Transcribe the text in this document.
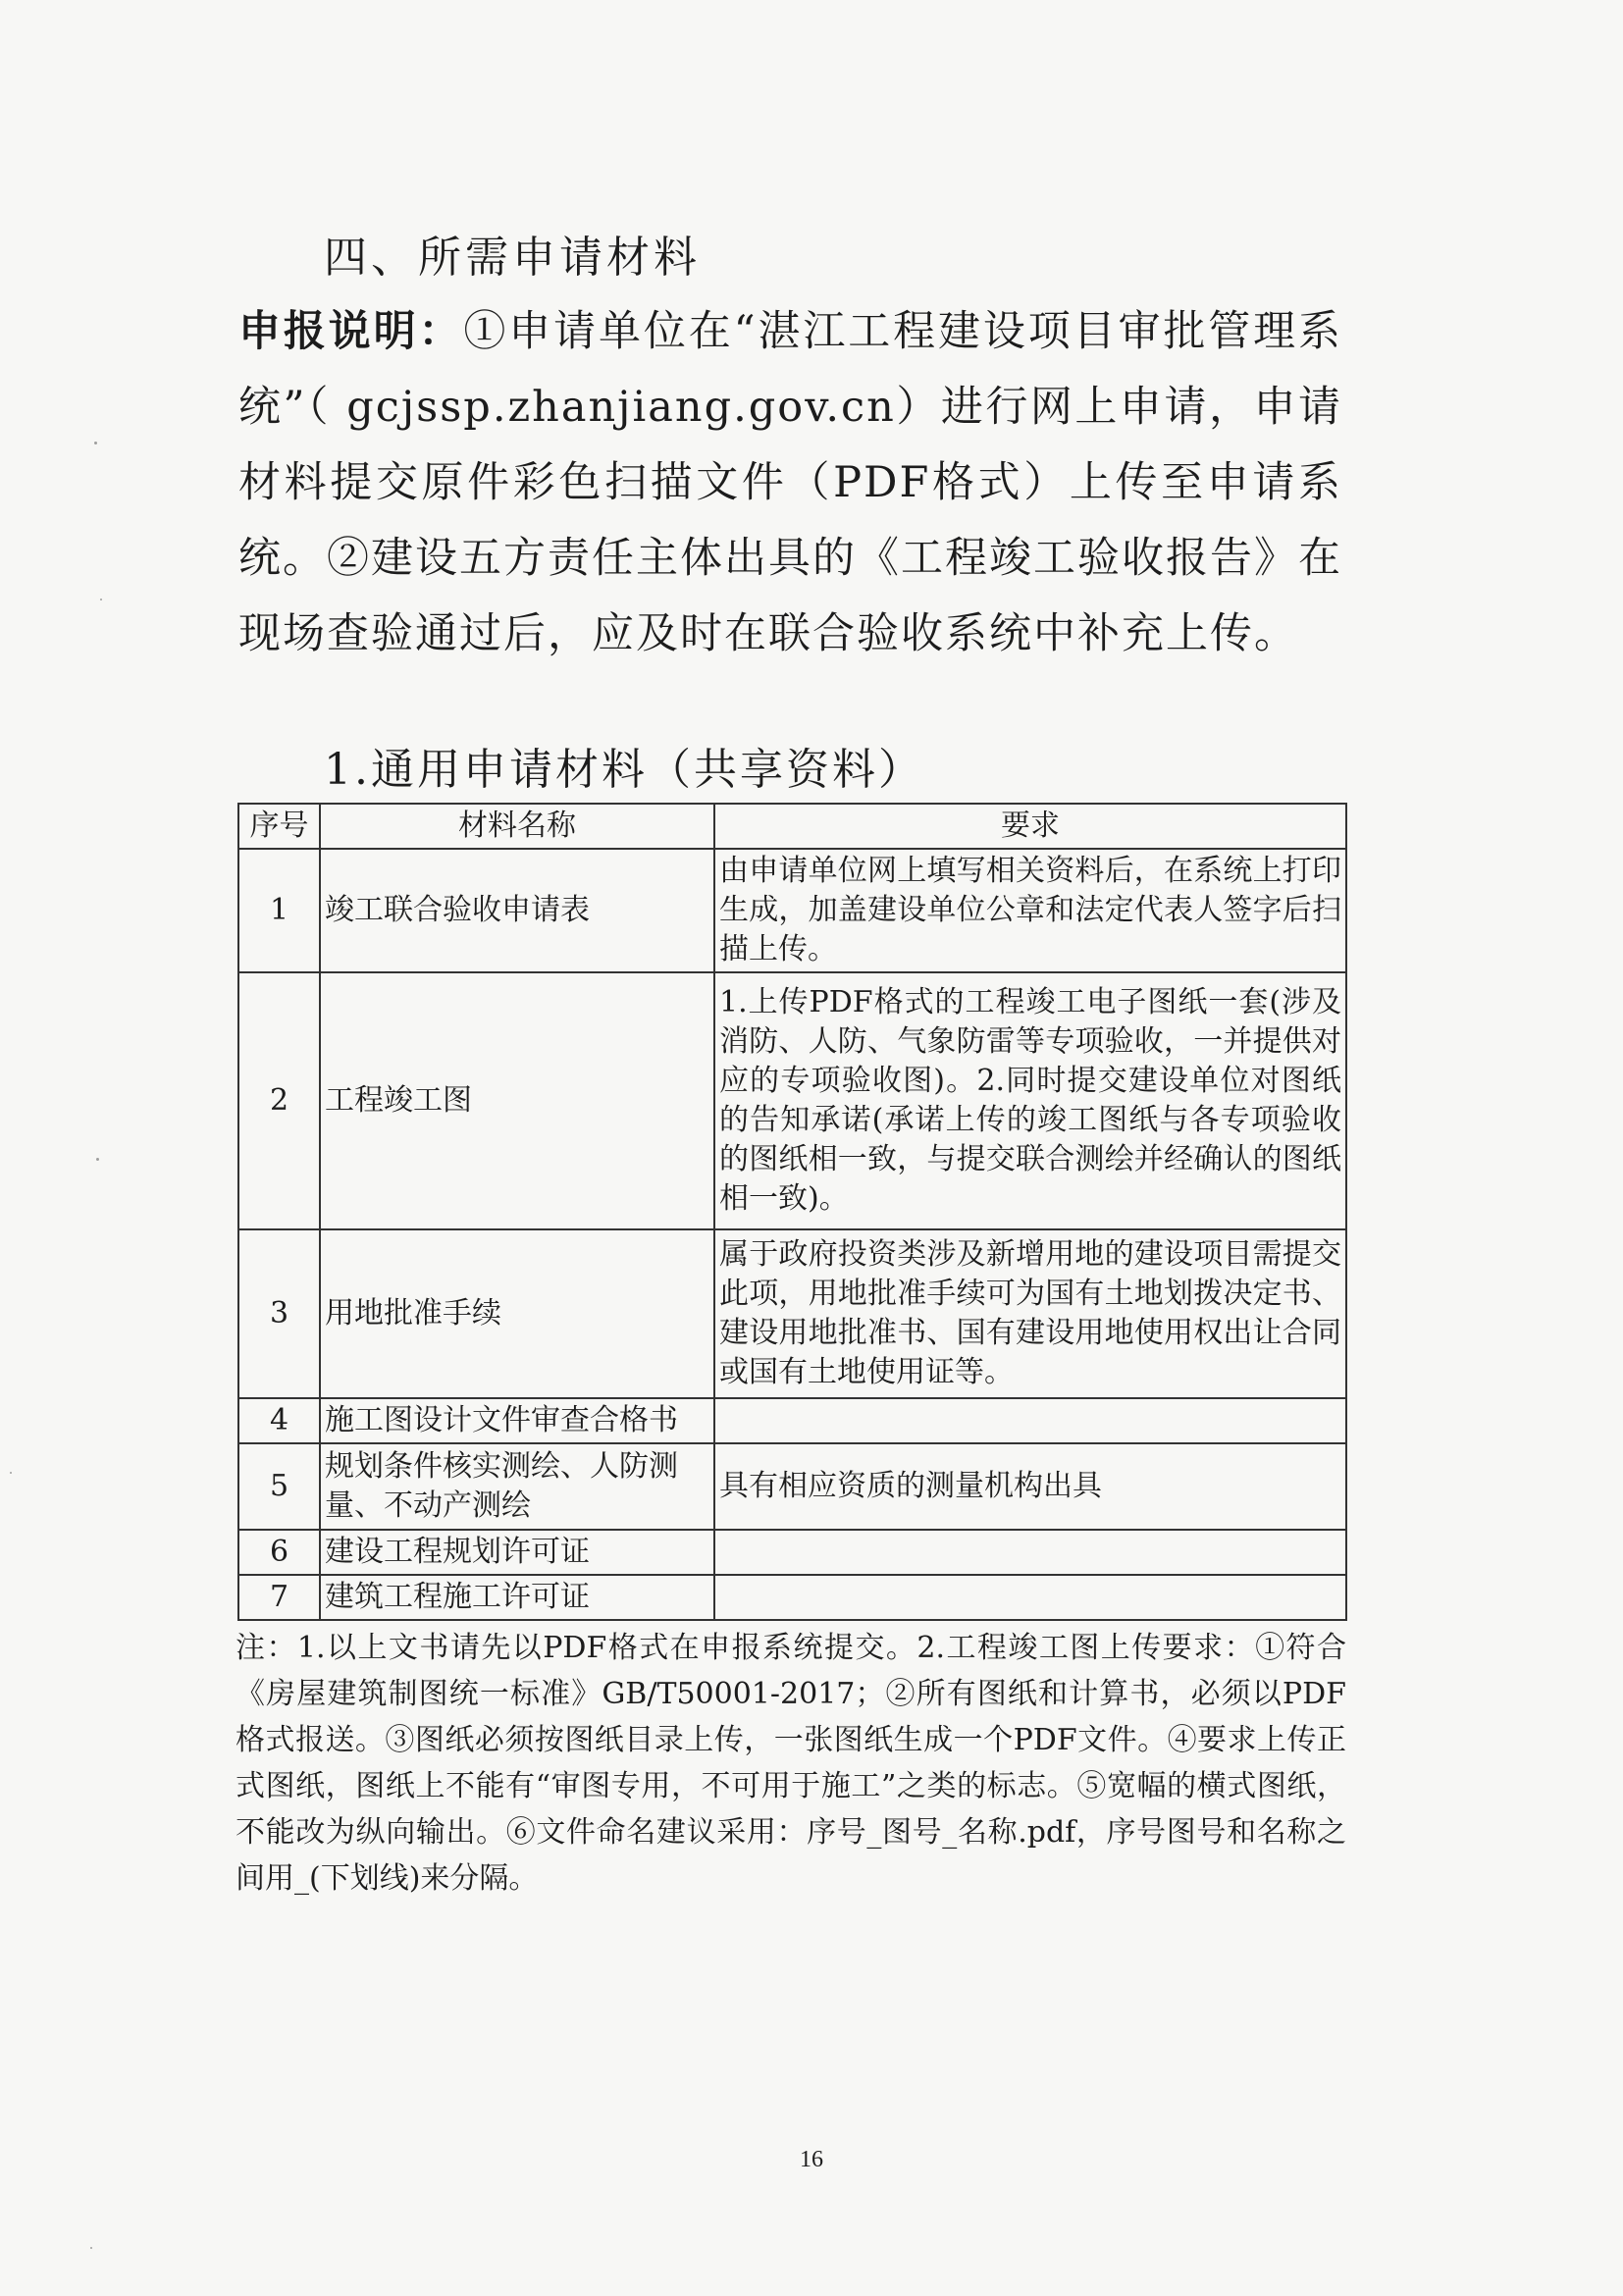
四、所需申请材料

申报说明：①申请单位在“湛江工程建设项目审批管理系统”（ gcjssp.zhanjiang.gov.cn）进行网上申请，申请材料提交原件彩色扫描文件（PDF格式）上传至申请系统。②建设五方责任主体出具的《工程竣工验收报告》在现场查验通过后，应及时在联合验收系统中补充上传。

1.通用申请材料（共享资料）
序号	材料名称	要求
1	竣工联合验收申请表	由申请单位网上填写相关资料后，在系统上打印生成，加盖建设单位公章和法定代表人签字后扫描上传。
2	工程竣工图	1.上传PDF格式的工程竣工电子图纸一套(涉及消防、人防、气象防雷等专项验收，一并提供对应的专项验收图)。2.同时提交建设单位对图纸的告知承诺(承诺上传的竣工图纸与各专项验收的图纸相一致，与提交联合测绘并经确认的图纸相一致)。
3	用地批准手续	属于政府投资类涉及新增用地的建设项目需提交此项，用地批准手续可为国有土地划拨决定书、建设用地批准书、国有建设用地使用权出让合同或国有土地使用证等。
4	施工图设计文件审查合格书	
5	规划条件核实测绘、人防测量、不动产测绘	具有相应资质的测量机构出具
6	建设工程规划许可证	
7	建筑工程施工许可证	

注：1.以上文书请先以PDF格式在申报系统提交。2.工程竣工图上传要求：①符合《房屋建筑制图统一标准》GB/T50001-2017；②所有图纸和计算书，必须以PDF格式报送。③图纸必须按图纸目录上传，一张图纸生成一个PDF文件。④要求上传正式图纸，图纸上不能有“审图专用，不可用于施工”之类的标志。⑤宽幅的横式图纸，不能改为纵向输出。⑥文件命名建议采用：序号_图号_名称.pdf，序号图号和名称之间用_(下划线)来分隔。

16
